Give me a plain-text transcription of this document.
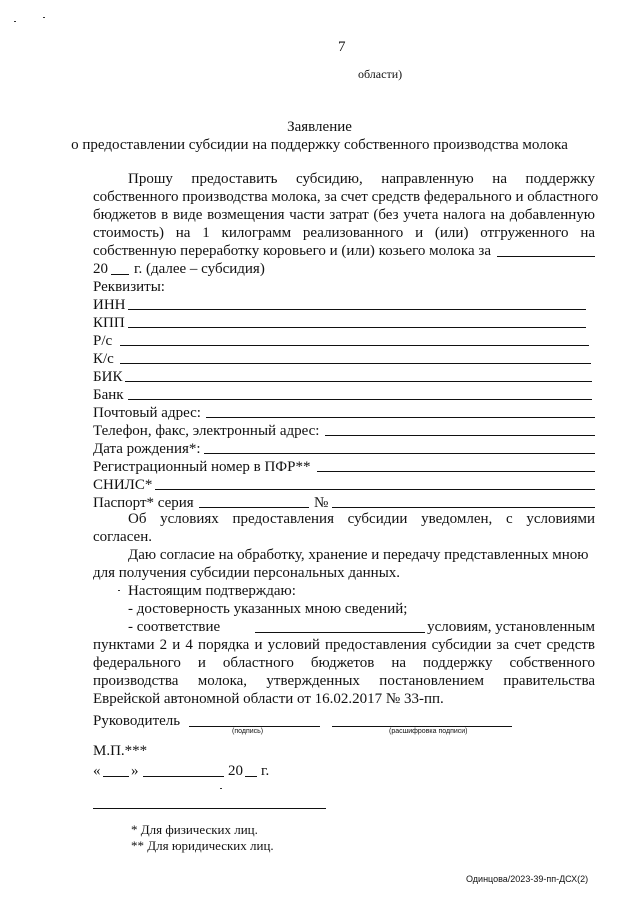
7
области)
Заявление
о предоставлении субсидии на поддержку собственного производства молока
Прошу предоставить субсидию, направленную на поддержку
собственного производства молока, за счет средств федерального и областного
бюджетов в виде возмещения части затрат (без учета налога на добавленную
стоимость) на 1 килограмм реализованного и (или) отгруженного на
собственную переработку коровьего и (или) козьего молока за
20 г. (далее – субсидия)
Реквизиты:
ИНН
КПП
Р/с
К/с
БИК
Банк
Почтовый адрес:
Телефон, факс, электронный адрес:
Дата рождения*:
Регистрационный номер в ПФР**
СНИЛС*
Паспорт* серия	№
Об условиях предоставления субсидии уведомлен, с условиями
согласен.
Даю согласие на обработку, хранение и передачу представленных мною
для получения субсидии персональных данных.
Настоящим подтверждаю:
- достоверность указанных мною сведений;
- соответствие	условиям, установленным
пунктами 2 и 4 порядка и условий предоставления субсидии за счет средств
федерального и областного бюджетов на поддержку собственного
производства молока, утвержденных постановлением правительства
Еврейской автономной области от 16.02.2017 № 33-пп.
Руководитель
(подпись)	(расшифровка подписи)
М.П.***
« »	20 г.
* Для физических лиц.
** Для юридических лиц.
Одинцова/2023-39-пп-ДСХ(2)
